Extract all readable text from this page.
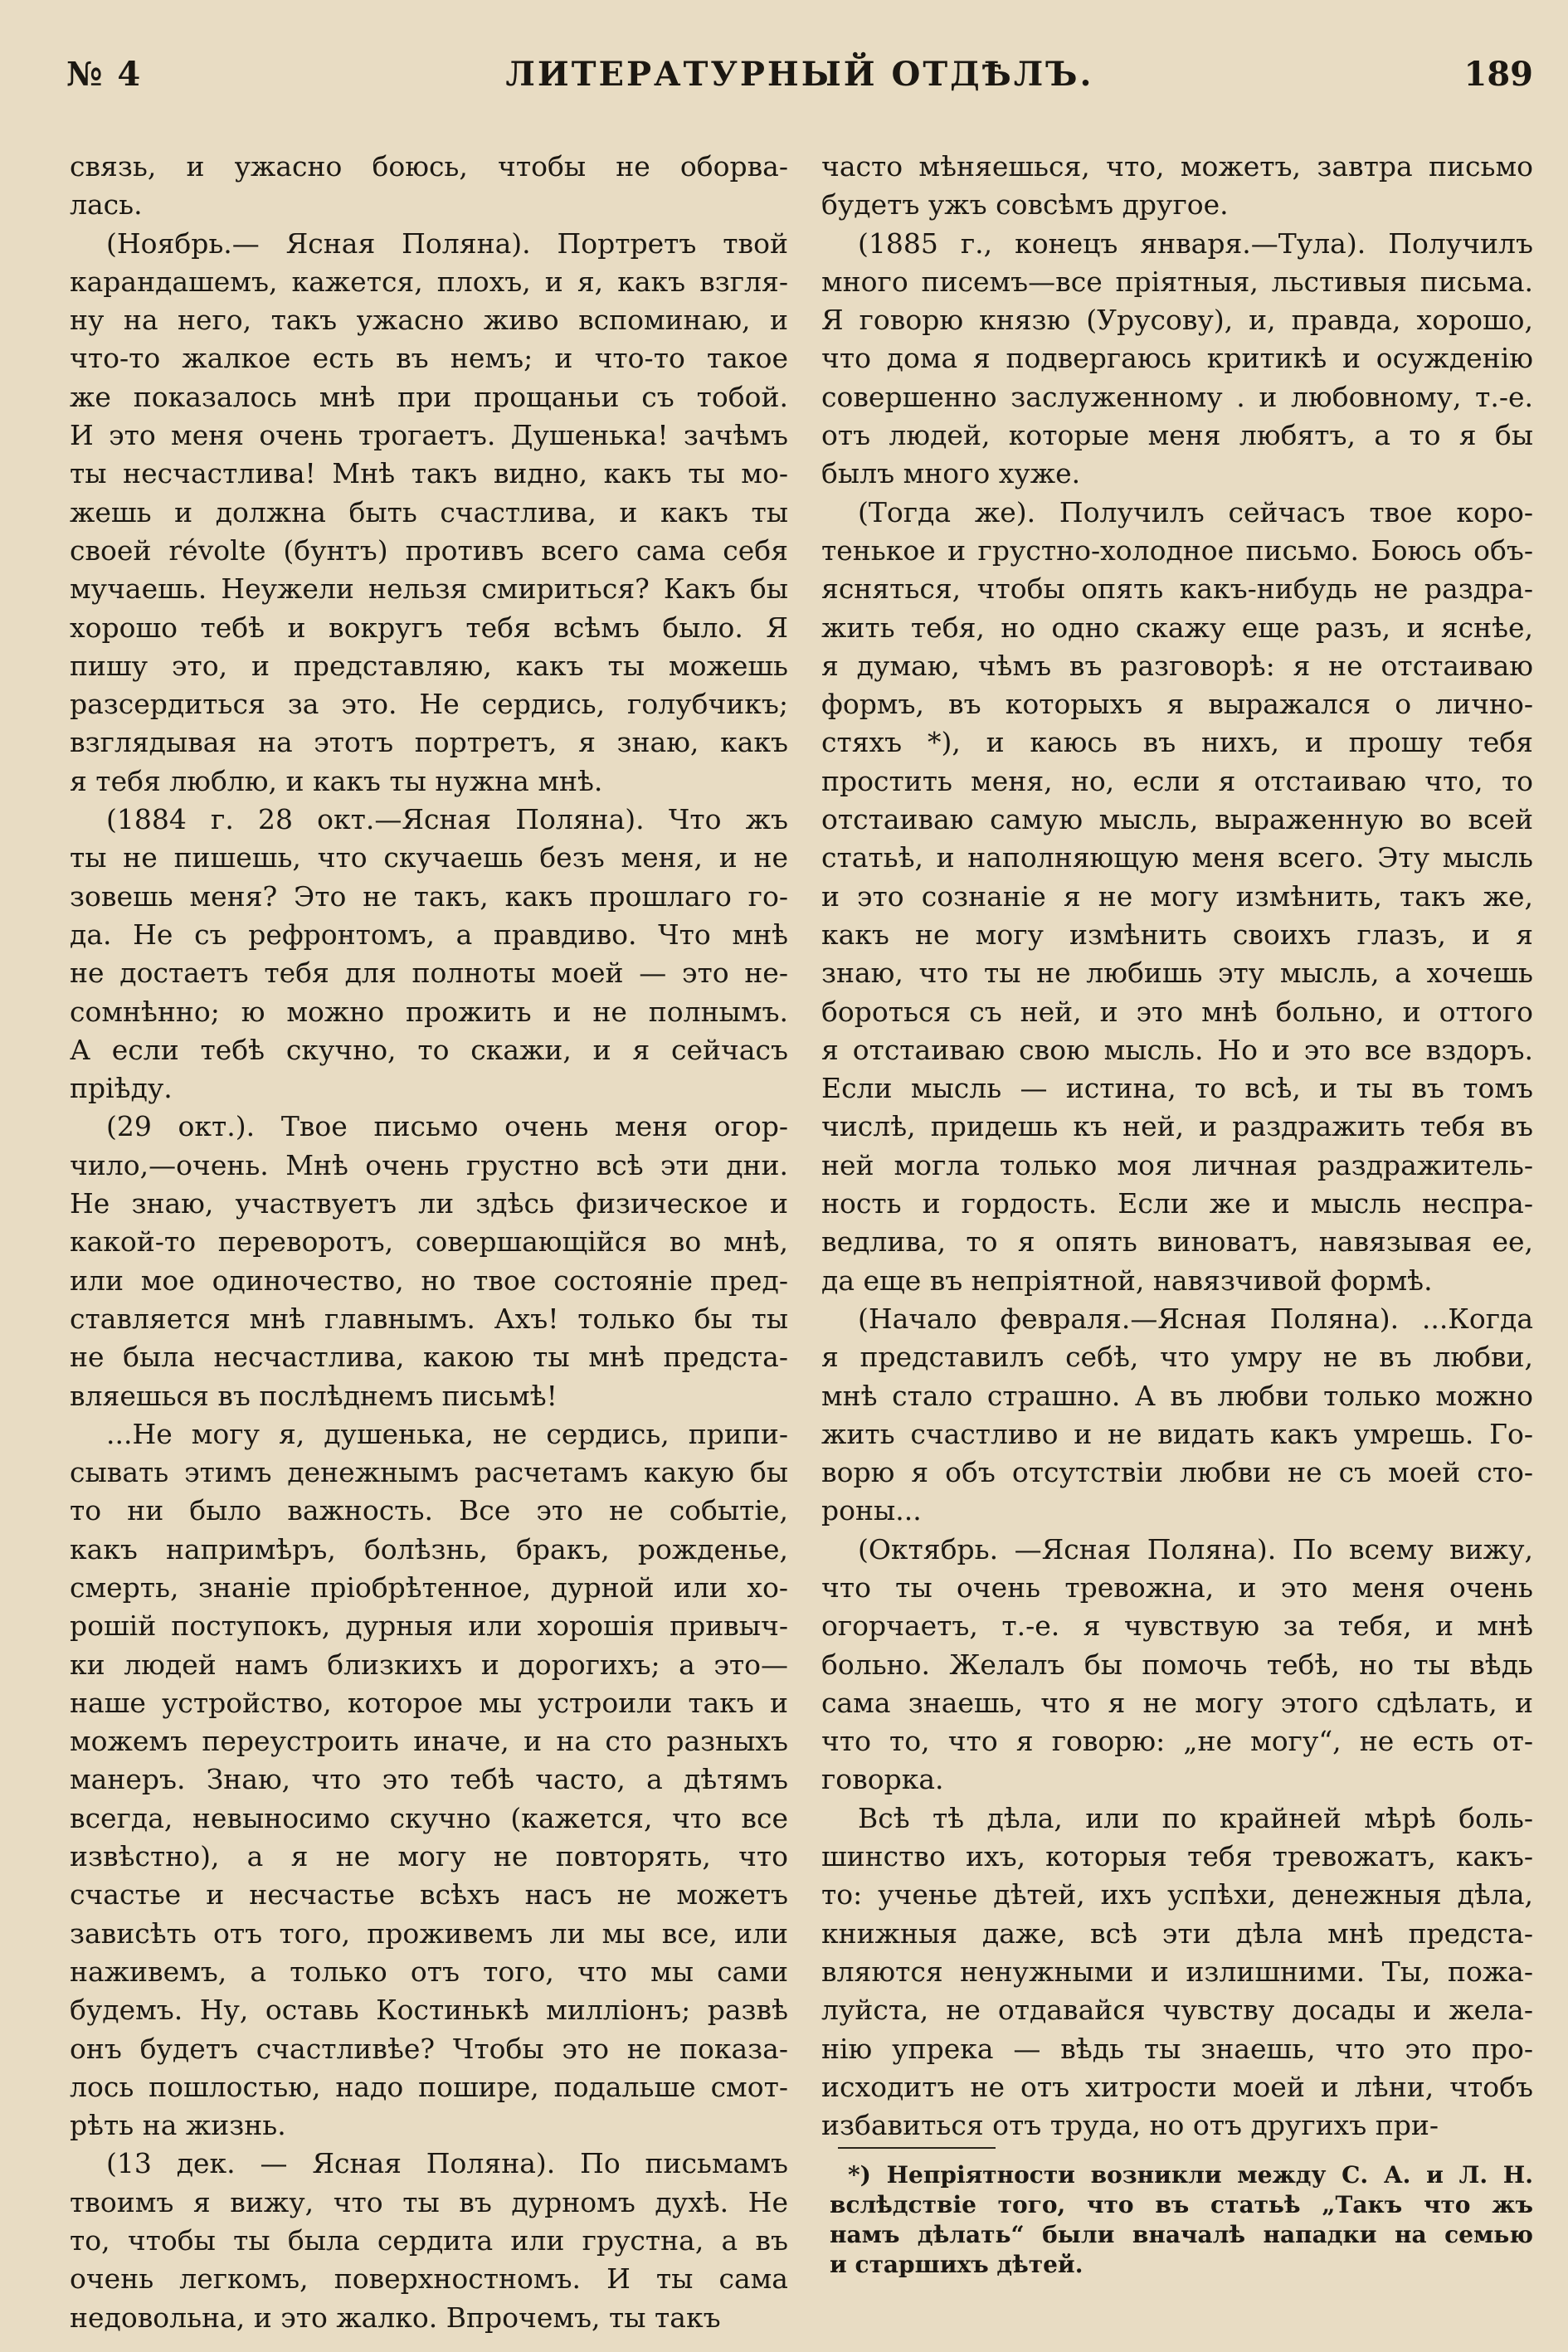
№ 4	ЛИТЕРАТУРНЫЙ ОТДѢЛЪ.	189
связь, и ужасно боюсь, чтобы не оборва-
лась.
(Ноябрь.— Ясная Поляна). Портретъ твой
карандашемъ, кажется, плохъ, и я, какъ взгля-
ну на него, такъ ужасно живо вспоминаю, и
что-то жалкое есть въ немъ; и что-то такое
же показалось мнѣ при прощаньи съ тобой.
И это меня очень трогаетъ. Душенька! зачѣмъ
ты несчастлива! Мнѣ такъ видно, какъ ты мо-
жешь и должна быть счастлива, и какъ ты
своей révolte (бунтъ) противъ всего сама себя
мучаешь. Неужели нельзя смириться? Какъ бы
хорошо тебѣ и вокругъ тебя всѣмъ было. Я
пишу это, и представляю, какъ ты можешь
разсердиться за это. Не сердись, голубчикъ;
взглядывая на этотъ портретъ, я знаю, какъ
я тебя люблю, и какъ ты нужна мнѣ.
(1884 г. 28 окт.—Ясная Поляна). Что жъ
ты не пишешь, что скучаешь безъ меня, и не
зовешь меня? Это не такъ, какъ прошлаго го-
да. Не съ рефронтомъ, а правдиво. Что мнѣ
не достаетъ тебя для полноты моей — это не-
сомнѣнно; ю можно прожить и не полнымъ.
А если тебѣ скучно, то скажи, и я сейчасъ
пріѣду.
(29 окт.). Твое письмо очень меня огор-
чило,—очень. Мнѣ очень грустно всѣ эти дни.
Не знаю, участвуетъ ли здѣсь физическое и
какой-то переворотъ, совершающійся во мнѣ,
или мое одиночество, но твое состояніе пред-
ставляется мнѣ главнымъ. Ахъ! только бы ты
не была несчастлива, какою ты мнѣ предста-
вляешься въ послѣднемъ письмѣ!
...Не могу я, душенька, не сердись, припи-
сывать этимъ денежнымъ расчетамъ какую бы
то ни было важность. Все это не событіе,
какъ напримѣръ, болѣзнь, бракъ, рожденье,
смерть, знаніе пріобрѣтенное, дурной или хо-
рошій поступокъ, дурныя или хорошія привыч-
ки людей намъ близкихъ и дорогихъ; а это—
наше устройство, которое мы устроили такъ и
можемъ переустроить иначе, и на сто разныхъ
манеръ. Знаю, что это тебѣ часто, а дѣтямъ
всегда, невыносимо скучно (кажется, что все
извѣстно), а я не могу не повторять, что
счастье и несчастье всѣхъ насъ не можетъ
зависѣть отъ того, проживемъ ли мы все, или
наживемъ, а только отъ того, что мы сами
будемъ. Ну, оставь Костинькѣ милліонъ; развѣ
онъ будетъ счастливѣе? Чтобы это не показа-
лось пошлостью, надо пошире, подальше смот-
рѣть на жизнь.
(13 дек. — Ясная Поляна). По письмамъ
твоимъ я вижу, что ты въ дурномъ духѣ. Не
то, чтобы ты была сердита или грустна, а въ
очень легкомъ, поверхностномъ. И ты сама
недовольна, и это жалко. Впрочемъ, ты такъ
часто мѣняешься, что, можетъ, завтра письмо
будетъ ужъ совсѣмъ другое.
(1885 г., конецъ января.—Тула). Получилъ
много писемъ—все пріятныя, льстивыя письма.
Я говорю князю (Урусову), и, правда, хорошо,
что дома я подвергаюсь критикѣ и осужденію
совершенно заслуженному . и любовному, т.-е.
отъ людей, которые меня любятъ, а то я бы
былъ много хуже.
(Тогда же). Получилъ сейчасъ твое коро-
тенькое и грустно-холодное письмо. Боюсь объ-
ясняться, чтобы опять какъ-нибудь не раздра-
жить тебя, но одно скажу еще разъ, и яснѣе,
я думаю, чѣмъ въ разговорѣ: я не отстаиваю
формъ, въ которыхъ я выражался о лично-
стяхъ *), и каюсь въ нихъ, и прошу тебя
простить меня, но, если я отстаиваю что, то
отстаиваю самую мысль, выраженную во всей
статьѣ, и наполняющую меня всего. Эту мысль
и это сознаніе я не могу измѣнить, такъ же,
какъ не могу измѣнить своихъ глазъ, и я
знаю, что ты не любишь эту мысль, а хочешь
бороться съ ней, и это мнѣ больно, и оттого
я отстаиваю свою мысль. Но и это все вздоръ.
Если мысль — истина, то всѣ, и ты въ томъ
числѣ, придешь къ ней, и раздражить тебя въ
ней могла только моя личная раздражитель-
ность и гордость. Если же и мысль неспра-
ведлива, то я опять виноватъ, навязывая ее,
да еще въ непріятной, навязчивой формѣ.
(Начало февраля.—Ясная Поляна). ...Когда
я представилъ себѣ, что умру не въ любви,
мнѣ стало страшно. А въ любви только можно
жить счастливо и не видать какъ умрешь. Го-
ворю я объ отсутствіи любви не съ моей сто-
роны...
(Октябрь. —Ясная Поляна). По всему вижу,
что ты очень тревожна, и это меня очень
огорчаетъ, т.-е. я чувствую за тебя, и мнѣ
больно. Желалъ бы помочь тебѣ, но ты вѣдь
сама знаешь, что я не могу этого сдѣлать, и
что то, что я говорю: „не могу“, не есть от-
говорка.
Всѣ тѣ дѣла, или по крайней мѣрѣ боль-
шинство ихъ, которыя тебя тревожатъ, какъ-
то: ученье дѣтей, ихъ успѣхи, денежныя дѣла,
книжныя даже, всѣ эти дѣла мнѣ предста-
вляются ненужными и излишними. Ты, пожа-
луйста, не отдавайся чувству досады и жела-
нію упрека — вѣдь ты знаешь, что это про-
исходитъ не отъ хитрости моей и лѣни, чтобъ
избавиться отъ труда, но отъ другихъ при-
*) Непріятности возникли между С. А. и Л. Н.
вслѣдствіе того, что въ статьѣ „Такъ что жъ
намъ дѣлать“ были вначалѣ нападки на семью
и старшихъ дѣтей.
